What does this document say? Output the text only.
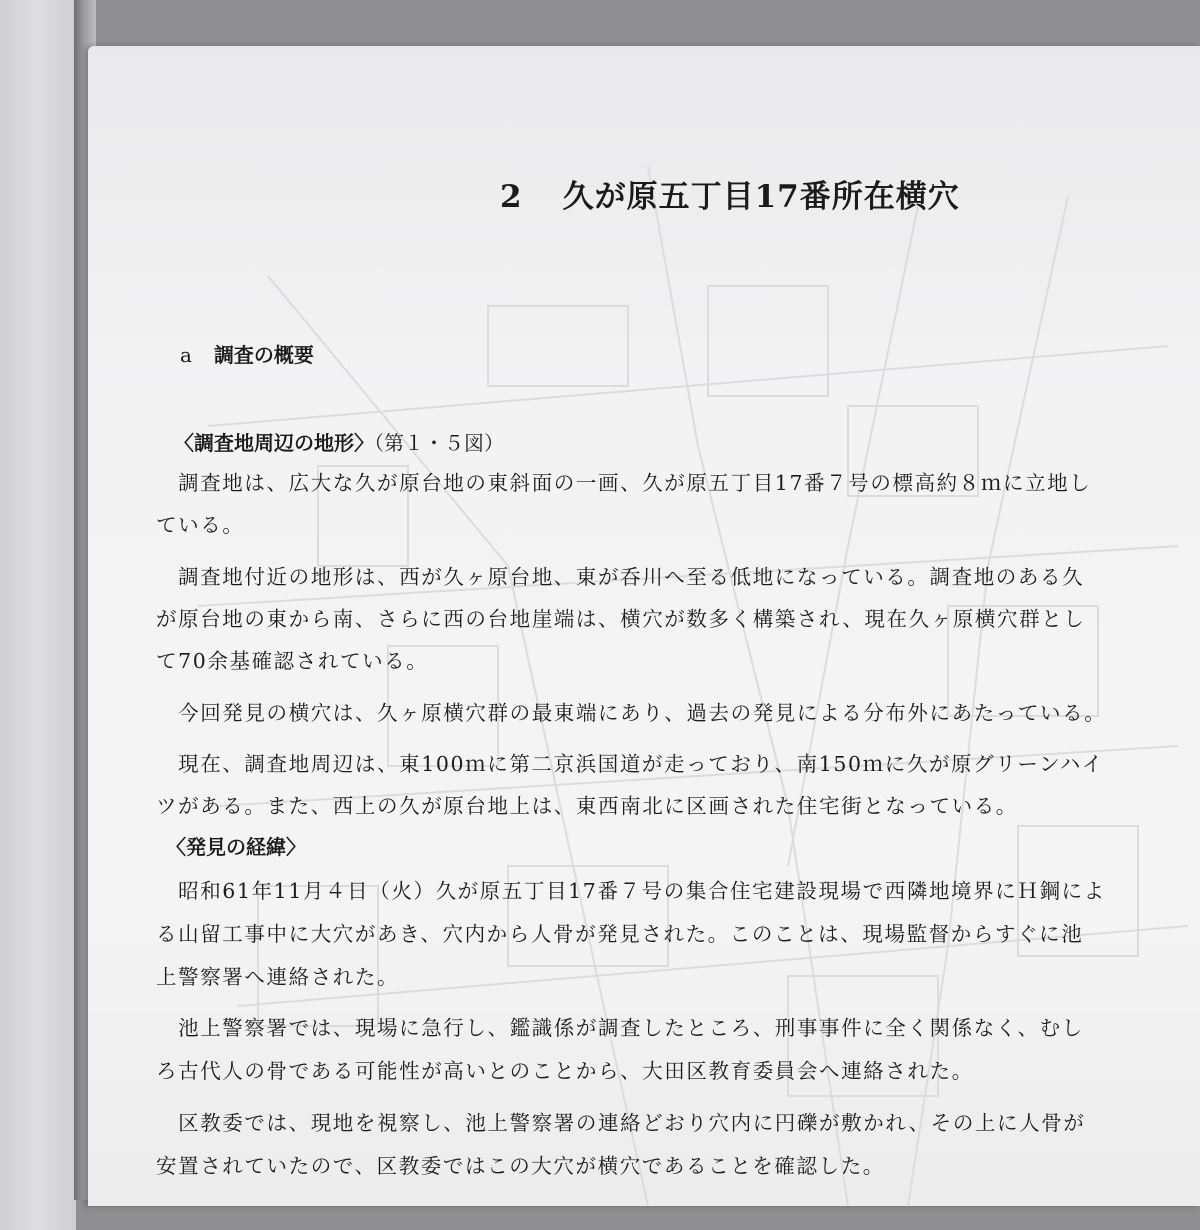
2 久が原五丁目17番所在横穴
a 調査の概要
〈調査地周辺の地形〉（第１・５図）
　調査地は、広大な久が原台地の東斜面の一画、久が原五丁目17番７号の標高約８ｍに立地し
ている。
　調査地付近の地形は、西が久ヶ原台地、東が呑川へ至る低地になっている。調査地のある久
が原台地の東から南、さらに西の台地崖端は、横穴が数多く構築され、現在久ヶ原横穴群とし
て70余基確認されている。
　今回発見の横穴は、久ヶ原横穴群の最東端にあり、過去の発見による分布外にあたっている。
　現在、調査地周辺は、東100ｍに第二京浜国道が走っており、南150ｍに久が原グリーンハイ
ツがある。また、西上の久が原台地上は、東西南北に区画された住宅街となっている。
〈発見の経緯〉
　昭和61年11月４日（火）久が原五丁目17番７号の集合住宅建設現場で西隣地境界にＨ鋼によ
る山留工事中に大穴があき、穴内から人骨が発見された。このことは、現場監督からすぐに池
上警察署へ連絡された。
　池上警察署では、現場に急行し、鑑識係が調査したところ、刑事事件に全く関係なく、むし
ろ古代人の骨である可能性が高いとのことから、大田区教育委員会へ連絡された。
　区教委では、現地を視察し、池上警察署の連絡どおり穴内に円礫が敷かれ、その上に人骨が
安置されていたので、区教委ではこの大穴が横穴であることを確認した。
